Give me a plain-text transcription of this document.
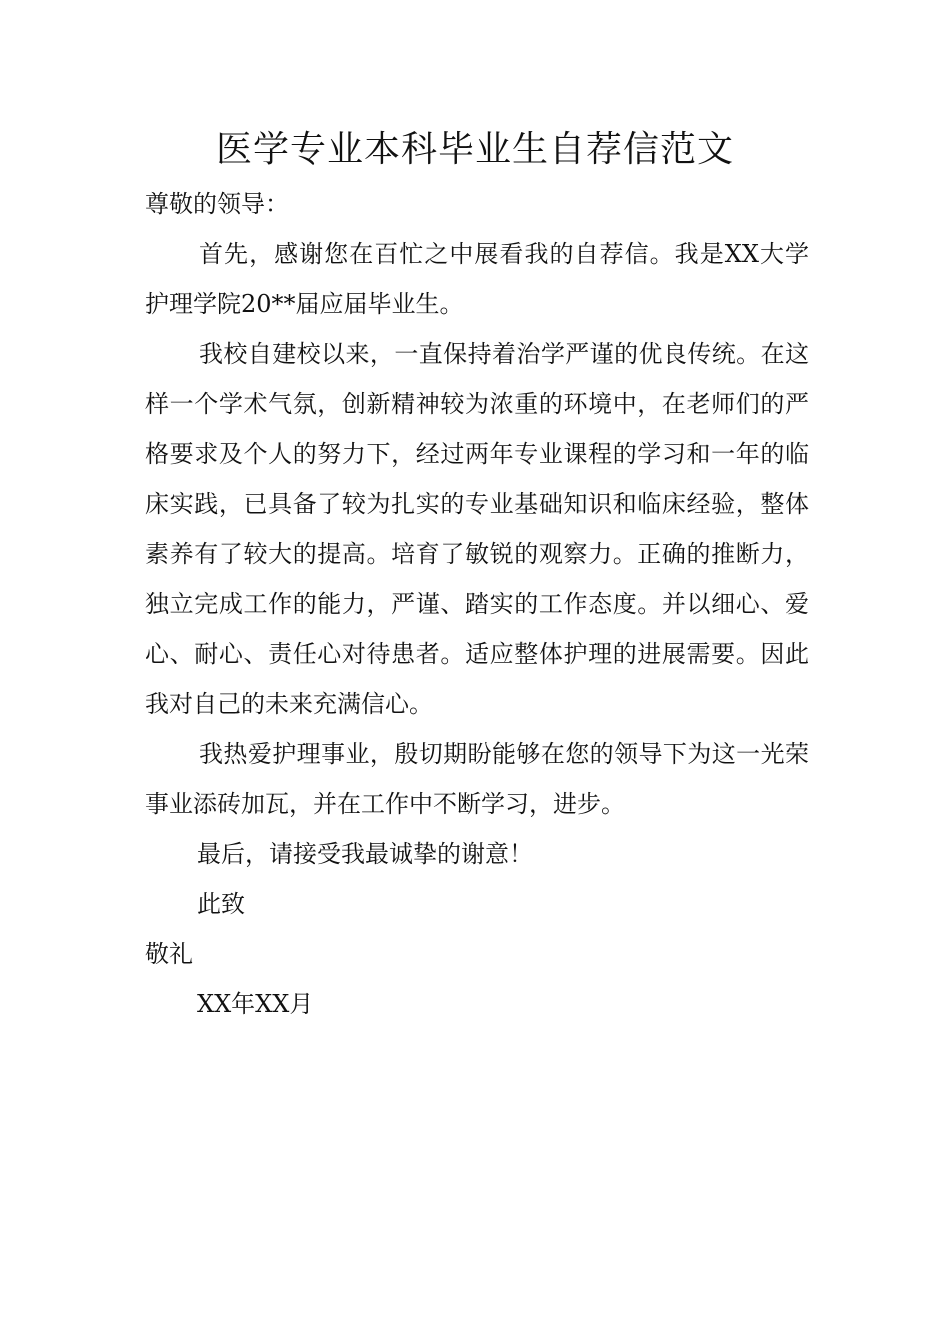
医学专业本科毕业生自荐信范文

尊敬的领导：

首先，感谢您在百忙之中展看我的自荐信。我是XX大学护理学院20**届应届毕业生。

我校自建校以来，一直保持着治学严谨的优良传统。在这样一个学术气氛，创新精神较为浓重的环境中，在老师们的严格要求及个人的努力下，经过两年专业课程的学习和一年的临床实践，已具备了较为扎实的专业基础知识和临床经验，整体素养有了较大的提高。培育了敏锐的观察力。正确的推断力，独立完成工作的能力，严谨、踏实的工作态度。并以细心、爱心、耐心、责任心对待患者。适应整体护理的进展需要。因此我对自己的未来充满信心。

我热爱护理事业，殷切期盼能够在您的领导下为这一光荣事业添砖加瓦，并在工作中不断学习，进步。

最后，请接受我最诚挚的谢意！

此致

敬礼

XX年XX月
